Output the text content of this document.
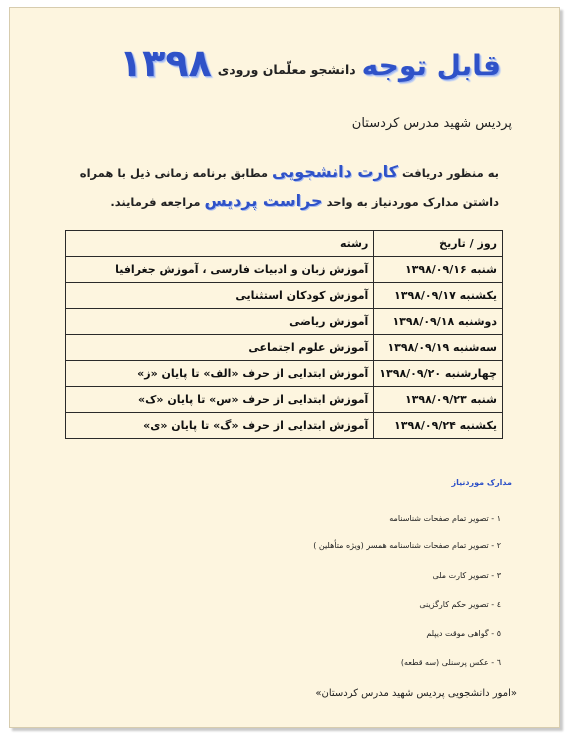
قابل توجه
دانشجو معلّمان ورودی
۱۳۹۸
پردیس شهید مدرس کردستان
به منظور دریافت کارت دانشجویی مطابق برنامه زمانی ذیل با همراه داشتن مدارک موردنیاز به واحد حراست پردیس مراجعه فرمایند.
روز / تاریخ	رشته
شنبه ۱۳۹۸/۰۹/۱۶	آموزش زبان و ادبیات فارسی ، آموزش جغرافیا
یکشنبه ۱۳۹۸/۰۹/۱۷	آموزش کودکان استثنایی
دوشنبه ۱۳۹۸/۰۹/۱۸	آموزش ریاضی
سه‌شنبه ۱۳۹۸/۰۹/۱۹	آموزش علوم اجتماعی
چهارشنبه ۱۳۹۸/۰۹/۲۰	آموزش ابتدایی از حرف «الف» تا پایان «ز»
شنبه ۱۳۹۸/۰۹/۲۳	آموزش ابتدایی از حرف «س» تا پایان «ک»
یکشنبه ۱۳۹۸/۰۹/۲۴	آموزش ابتدایی از حرف «گ» تا پایان «ی»
مدارک موردنیاز
۱ - تصویر تمام صفحات شناسنامه
۲ - تصویر تمام صفحات شناسنامه همسر (ویژه متأهلین )
۳ - تصویر کارت ملی
٤ - تصویر حکم کارگزینی
٥ - گواهی موقت دیپلم
٦ - عکس پرسنلی (سه قطعه)
«امور دانشجویی پردیس شهید مدرس کردستان»
